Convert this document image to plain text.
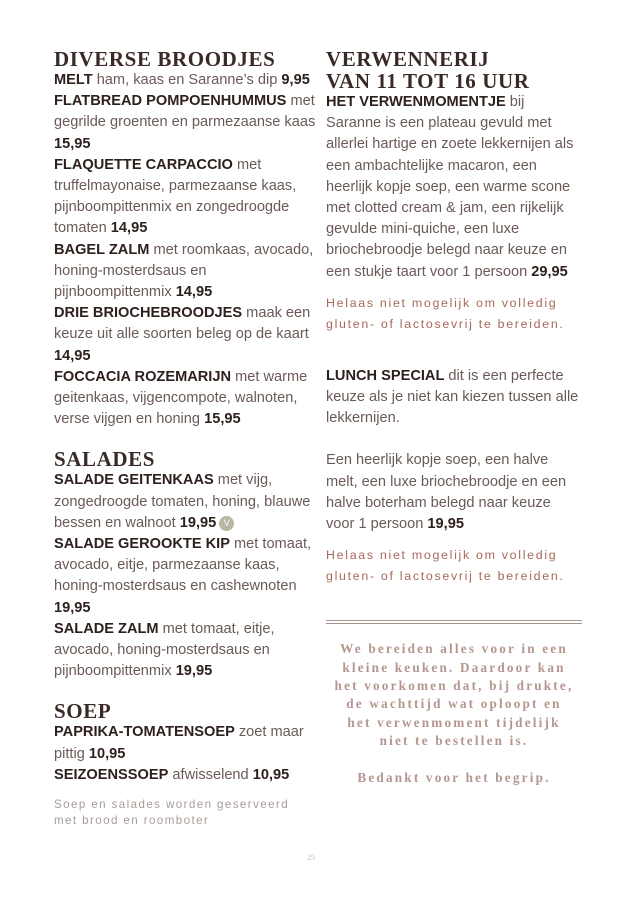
DIVERSE BROODJES

MELT ham, kaas en Saranne’s dip 9,95

FLATBREAD POMPOENHUMMUS met gegrilde groenten en parmezaanse kaas 15,95

FLAQUETTE CARPACCIO met truffelmayonaise, parmezaanse kaas, pijnboompittenmix en zongedroogde tomaten 14,95

BAGEL ZALM met roomkaas, avocado, honing-mosterdsaus en pijnboompittenmix 14,95

DRIE BRIOCHEBROODJES maak een keuze uit alle soorten beleg op de kaart 14,95

FOCCACIA ROZEMARIJN met warme geitenkaas, vijgencompote, walnoten, verse vijgen en honing 15,95

SALADES

SALADE GEITENKAAS met vijg, zongedroogde tomaten, honing, blauwe bessen en walnoot 19,95 V

SALADE GEROOKTE KIP met tomaat, avocado, eitje, parmezaanse kaas, honing-mosterdsaus en cashewnoten 19,95

SALADE ZALM met tomaat, eitje, avocado, honing-mosterdsaus en pijnboompittenmix 19,95

SOEP

PAPRIKA-TOMATENSOEP zoet maar pittig 10,95

SEIZOENSSOEP afwisselend 10,95

Soep en salades worden geserveerd met brood en roomboter

VERWENNERIJ
VAN 11 TOT 16 UUR

HET VERWENMOMENTJE bij Saranne is een plateau gevuld met allerlei hartige en zoete lekkernijen als een ambachtelijke macaron, een heerlijk kopje soep, een warme scone met clotted cream & jam, een rijkelijk gevulde mini-quiche, een luxe briochebroodje belegd naar keuze en een stukje taart voor 1 persoon 29,95

Helaas niet mogelijk om volledig gluten- of lactosevrij te bereiden.

LUNCH SPECIAL dit is een perfecte keuze als je niet kan kiezen tussen alle lekkernijen.

Een heerlijk kopje soep, een halve melt, een luxe briochebroodje en een halve boterham belegd naar keuze voor 1 persoon 19,95

Helaas niet mogelijk om volledig gluten- of lactosevrij te bereiden.

We bereiden alles voor in een kleine keuken. Daardoor kan het voorkomen dat, bij drukte, de wachttijd wat oploopt en het verwenmoment tijdelijk niet te bestellen is.

Bedankt voor het begrip.

25
